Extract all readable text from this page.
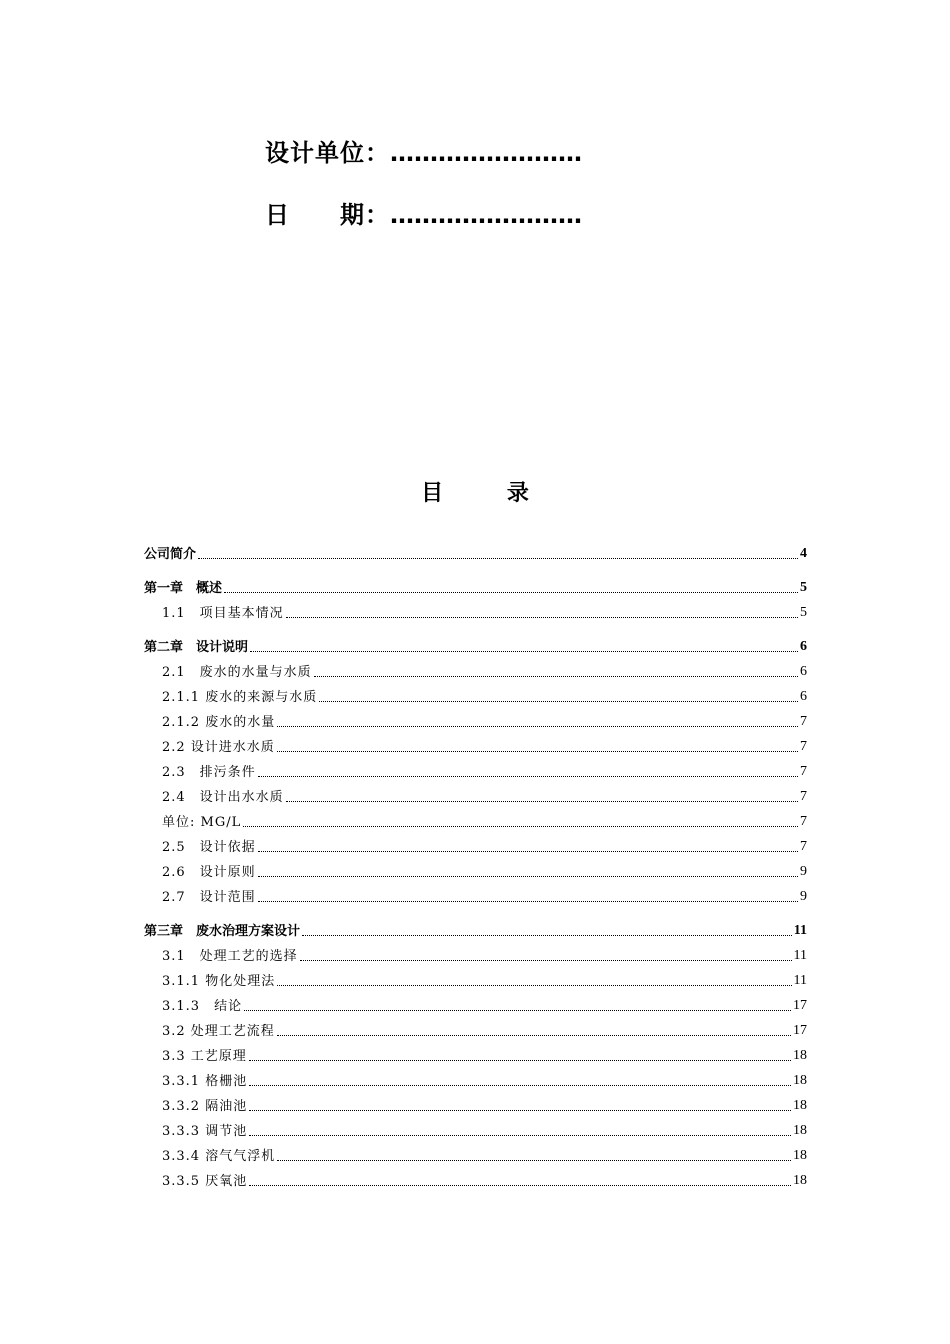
设计单位：……………………
日　　期：……………………
目 录
公司简介	4
第一章　概述	5
1.1　项目基本情况	5
第二章　设计说明	6
2.1　废水的水量与水质	6
2.1.1 废水的来源与水质	6
2.1.2 废水的水量	7
2.2 设计进水水质	7
2.3　排污条件	7
2.4　设计出水水质	7
单位: MG/L	7
2.5　设计依据	7
2.6　设计原则	9
2.7　设计范围	9
第三章　废水治理方案设计	11
3.1　处理工艺的选择	11
3.1.1 物化处理法	11
3.1.3　结论	17
3.2 处理工艺流程	17
3.3 工艺原理	18
3.3.1 格栅池	18
3.3.2 隔油池	18
3.3.3 调节池	18
3.3.4 溶气气浮机	18
3.3.5 厌氧池	18
